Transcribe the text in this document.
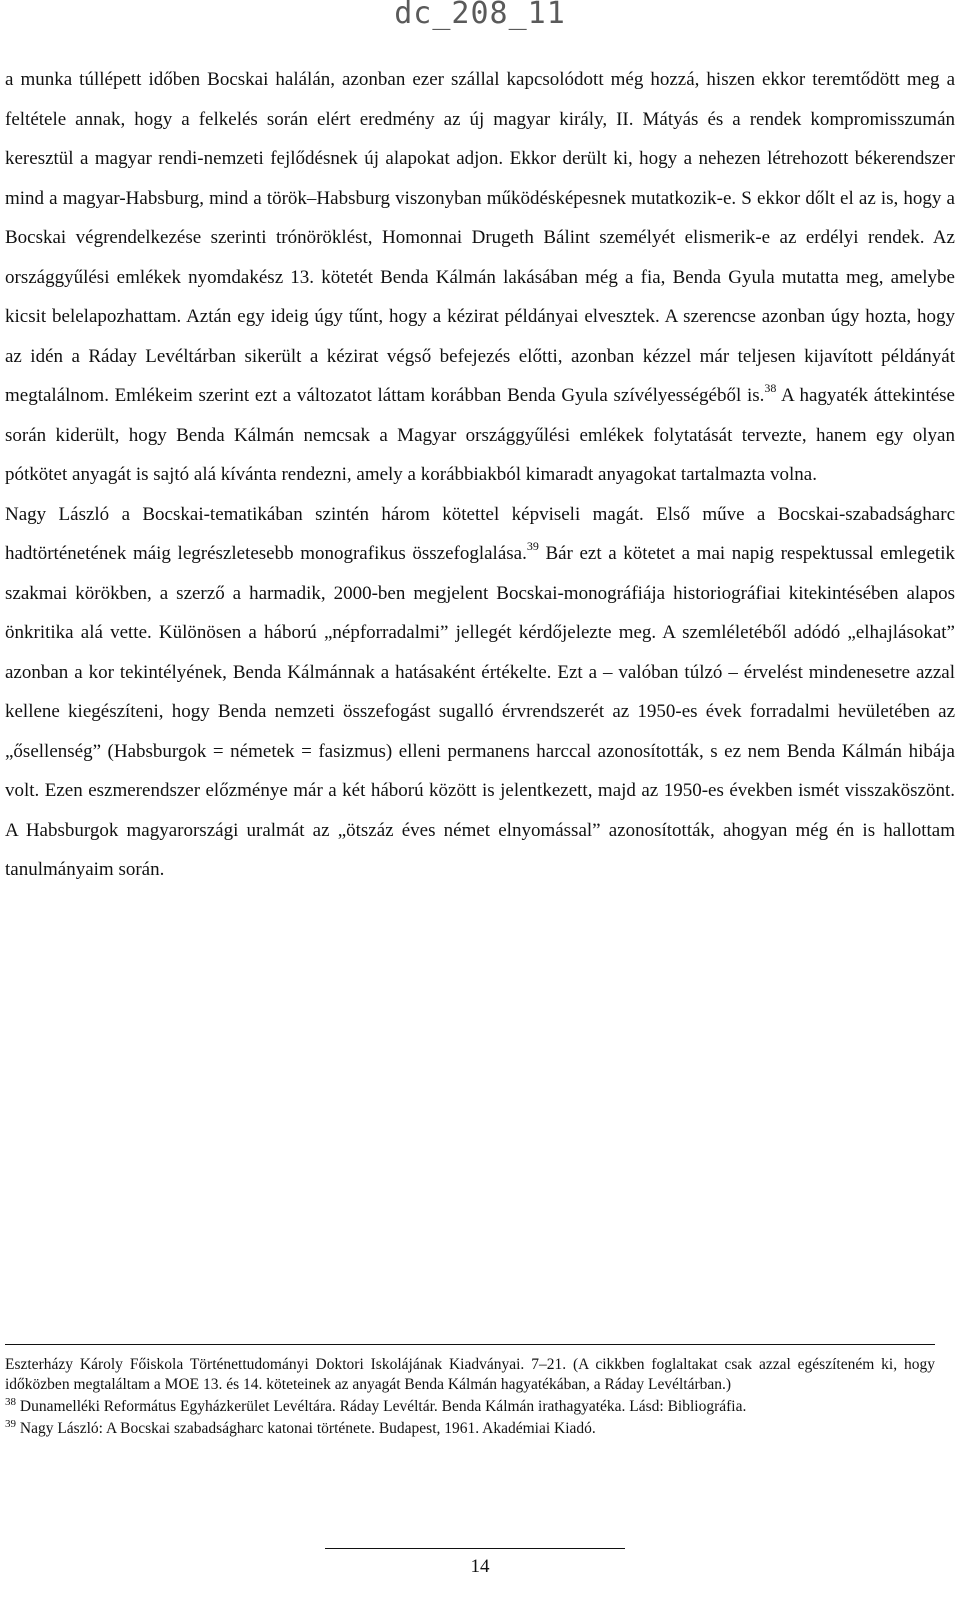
dc_208_11

a munka túllépett időben Bocskai halálán, azonban ezer szállal kapcsolódott még hozzá, hiszen ekkor teremtődött meg a feltétele annak, hogy a felkelés során elért eredmény az új magyar király, II. Mátyás és a rendek kompromisszumán keresztül a magyar rendi-nemzeti fejlődésnek új alapokat adjon. Ekkor derült ki, hogy a nehezen létrehozott békerendszer mind a magyar-Habsburg, mind a török–Habsburg viszonyban működésképesnek mutatkozik-e. S ekkor dőlt el az is, hogy a Bocskai végrendelkezése szerinti trónöröklést, Homonnai Drugeth Bálint személyét elismerik-e az erdélyi rendek. Az országgyűlési emlékek nyomdakész 13. kötetét Benda Kálmán lakásában még a fia, Benda Gyula mutatta meg, amelybe kicsit belelapozhattam. Aztán egy ideig úgy tűnt, hogy a kézirat példányai elvesztek. A szerencse azonban úgy hozta, hogy az idén a Ráday Levéltárban sikerült a kézirat végső befejezés előtti, azonban kézzel már teljesen kijavított példányát megtalálnom. Emlékeim szerint ezt a változatot láttam korábban Benda Gyula szívélyességéből is.$^{38}$ A hagyaték áttekintése során kiderült, hogy Benda Kálmán nemcsak a Magyar országgyűlési emlékek folytatását tervezte, hanem egy olyan pótkötet anyagát is sajtó alá kívánta rendezni, amely a korábbiakból kimaradt anyagokat tartalmazta volna.

Nagy László a Bocskai-tematikában szintén három kötettel képviseli magát. Első műve a Bocskai-szabadságharc hadtörténetének máig legrészletesebb monografikus összefoglalása.$^{39}$ Bár ezt a kötetet a mai napig respektussal emlegetik szakmai körökben, a szerző a harmadik, 2000-ben megjelent Bocskai-monográfiája historiográfiai kitekintésében alapos önkritika alá vette. Különösen a háború „népforradalmi” jellegét kérdőjelezte meg. A szemléletéből adódó „elhajlásokat” azonban a kor tekintélyének, Benda Kálmánnak a hatásaként értékelte. Ezt a – valóban túlzó – érvelést mindenesetre azzal kellene kiegészíteni, hogy Benda nemzeti összefogást sugalló érvrendszerét az 1950-es évek forradalmi hevületében az „ősellenség” (Habsburgok = németek = fasizmus) elleni permanens harccal azonosították, s ez nem Benda Kálmán hibája volt. Ezen eszmerendszer előzménye már a két háború között is jelentkezett, majd az 1950-es években ismét visszaköszönt. A Habsburgok magyarországi uralmát az „ötszáz éves német elnyomással” azonosították, ahogyan még én is hallottam tanulmányaim során.

Eszterházy Károly Főiskola Történettudományi Doktori Iskolájának Kiadványai. 7–21. (A cikkben foglaltakat csak azzal egészíteném ki, hogy időközben megtaláltam a MOE 13. és 14. köteteinek az anyagát Benda Kálmán hagyatékában, a Ráday Levéltárban.)

$^{38}$ Dunamelléki Református Egyházkerület Levéltára. Ráday Levéltár. Benda Kálmán irathagyatéka. Lásd: Bibliográfia.

$^{39}$ Nagy László: A Bocskai szabadságharc katonai története. Budapest, 1961. Akadémiai Kiadó.

14
